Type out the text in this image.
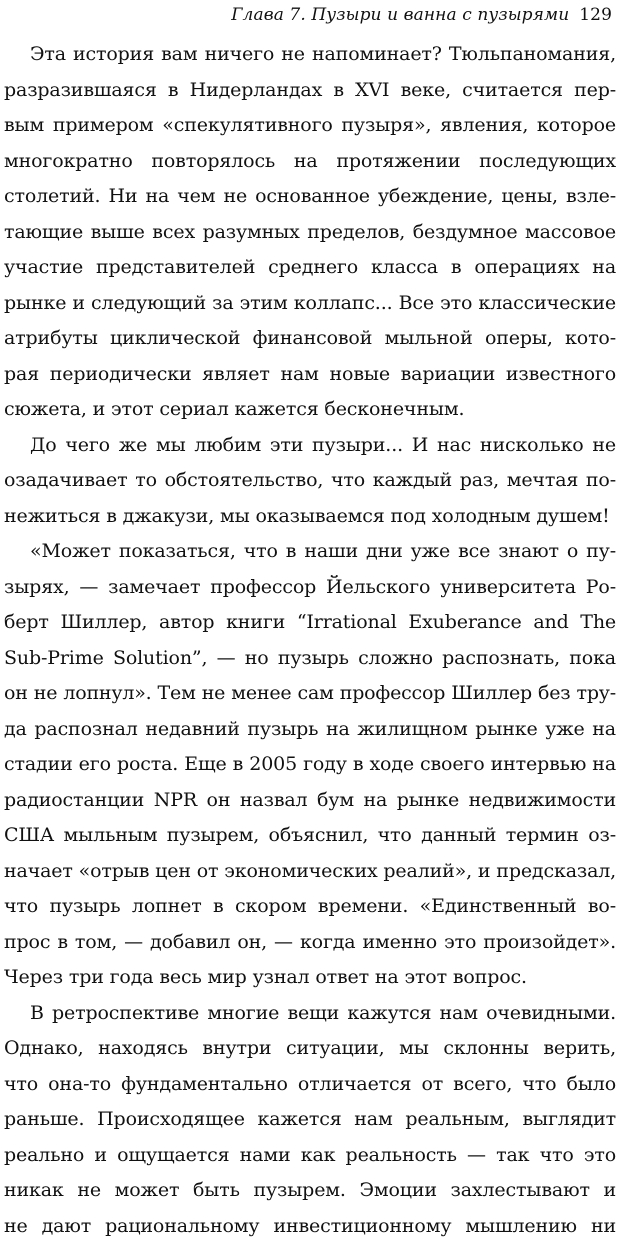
Глава 7. Пузыри и ванна с пузырями 129
Эта история вам ничего не напоминает? Тюльпаномания,
разразившаяся в Нидерландах в XVI веке, считается пер-
вым примером «спекулятивного пузыря», явления, которое
многократно повторялось на протяжении последующих
столетий. Ни на чем не основанное убеждение, цены, взле-
тающие выше всех разумных пределов, бездумное массовое
участие представителей среднего класса в операциях на
рынке и следующий за этим коллапс... Все это классические
атрибуты циклической финансовой мыльной оперы, кото-
рая периодически являет нам новые вариации известного
сюжета, и этот сериал кажется бесконечным.
До чего же мы любим эти пузыри... И нас нисколько не
озадачивает то обстоятельство, что каждый раз, мечтая по-
нежиться в джакузи, мы оказываемся под холодным душем!
«Может показаться, что в наши дни уже все знают о пу-
зырях, — замечает профессор Йельского университета Ро-
берт Шиллер, автор книги “Irrational Exuberance and The
Sub-Prime Solution”, — но пузырь сложно распознать, пока
он не лопнул». Тем не менее сам профессор Шиллер без тру-
да распознал недавний пузырь на жилищном рынке уже на
стадии его роста. Еще в 2005 году в ходе своего интервью на
радиостанции NPR он назвал бум на рынке недвижимости
США мыльным пузырем, объяснил, что данный термин оз-
начает «отрыв цен от экономических реалий», и предсказал,
что пузырь лопнет в скором времени. «Единственный во-
прос в том, — добавил он, — когда именно это произойдет».
Через три года весь мир узнал ответ на этот вопрос.
В ретроспективе многие вещи кажутся нам очевидными.
Однако, находясь внутри ситуации, мы склонны верить,
что она-то фундаментально отличается от всего, что было
раньше. Происходящее кажется нам реальным, выглядит
реально и ощущается нами как реальность — так что это
никак не может быть пузырем. Эмоции захлестывают и
не дают рациональному инвестиционному мышлению ни
